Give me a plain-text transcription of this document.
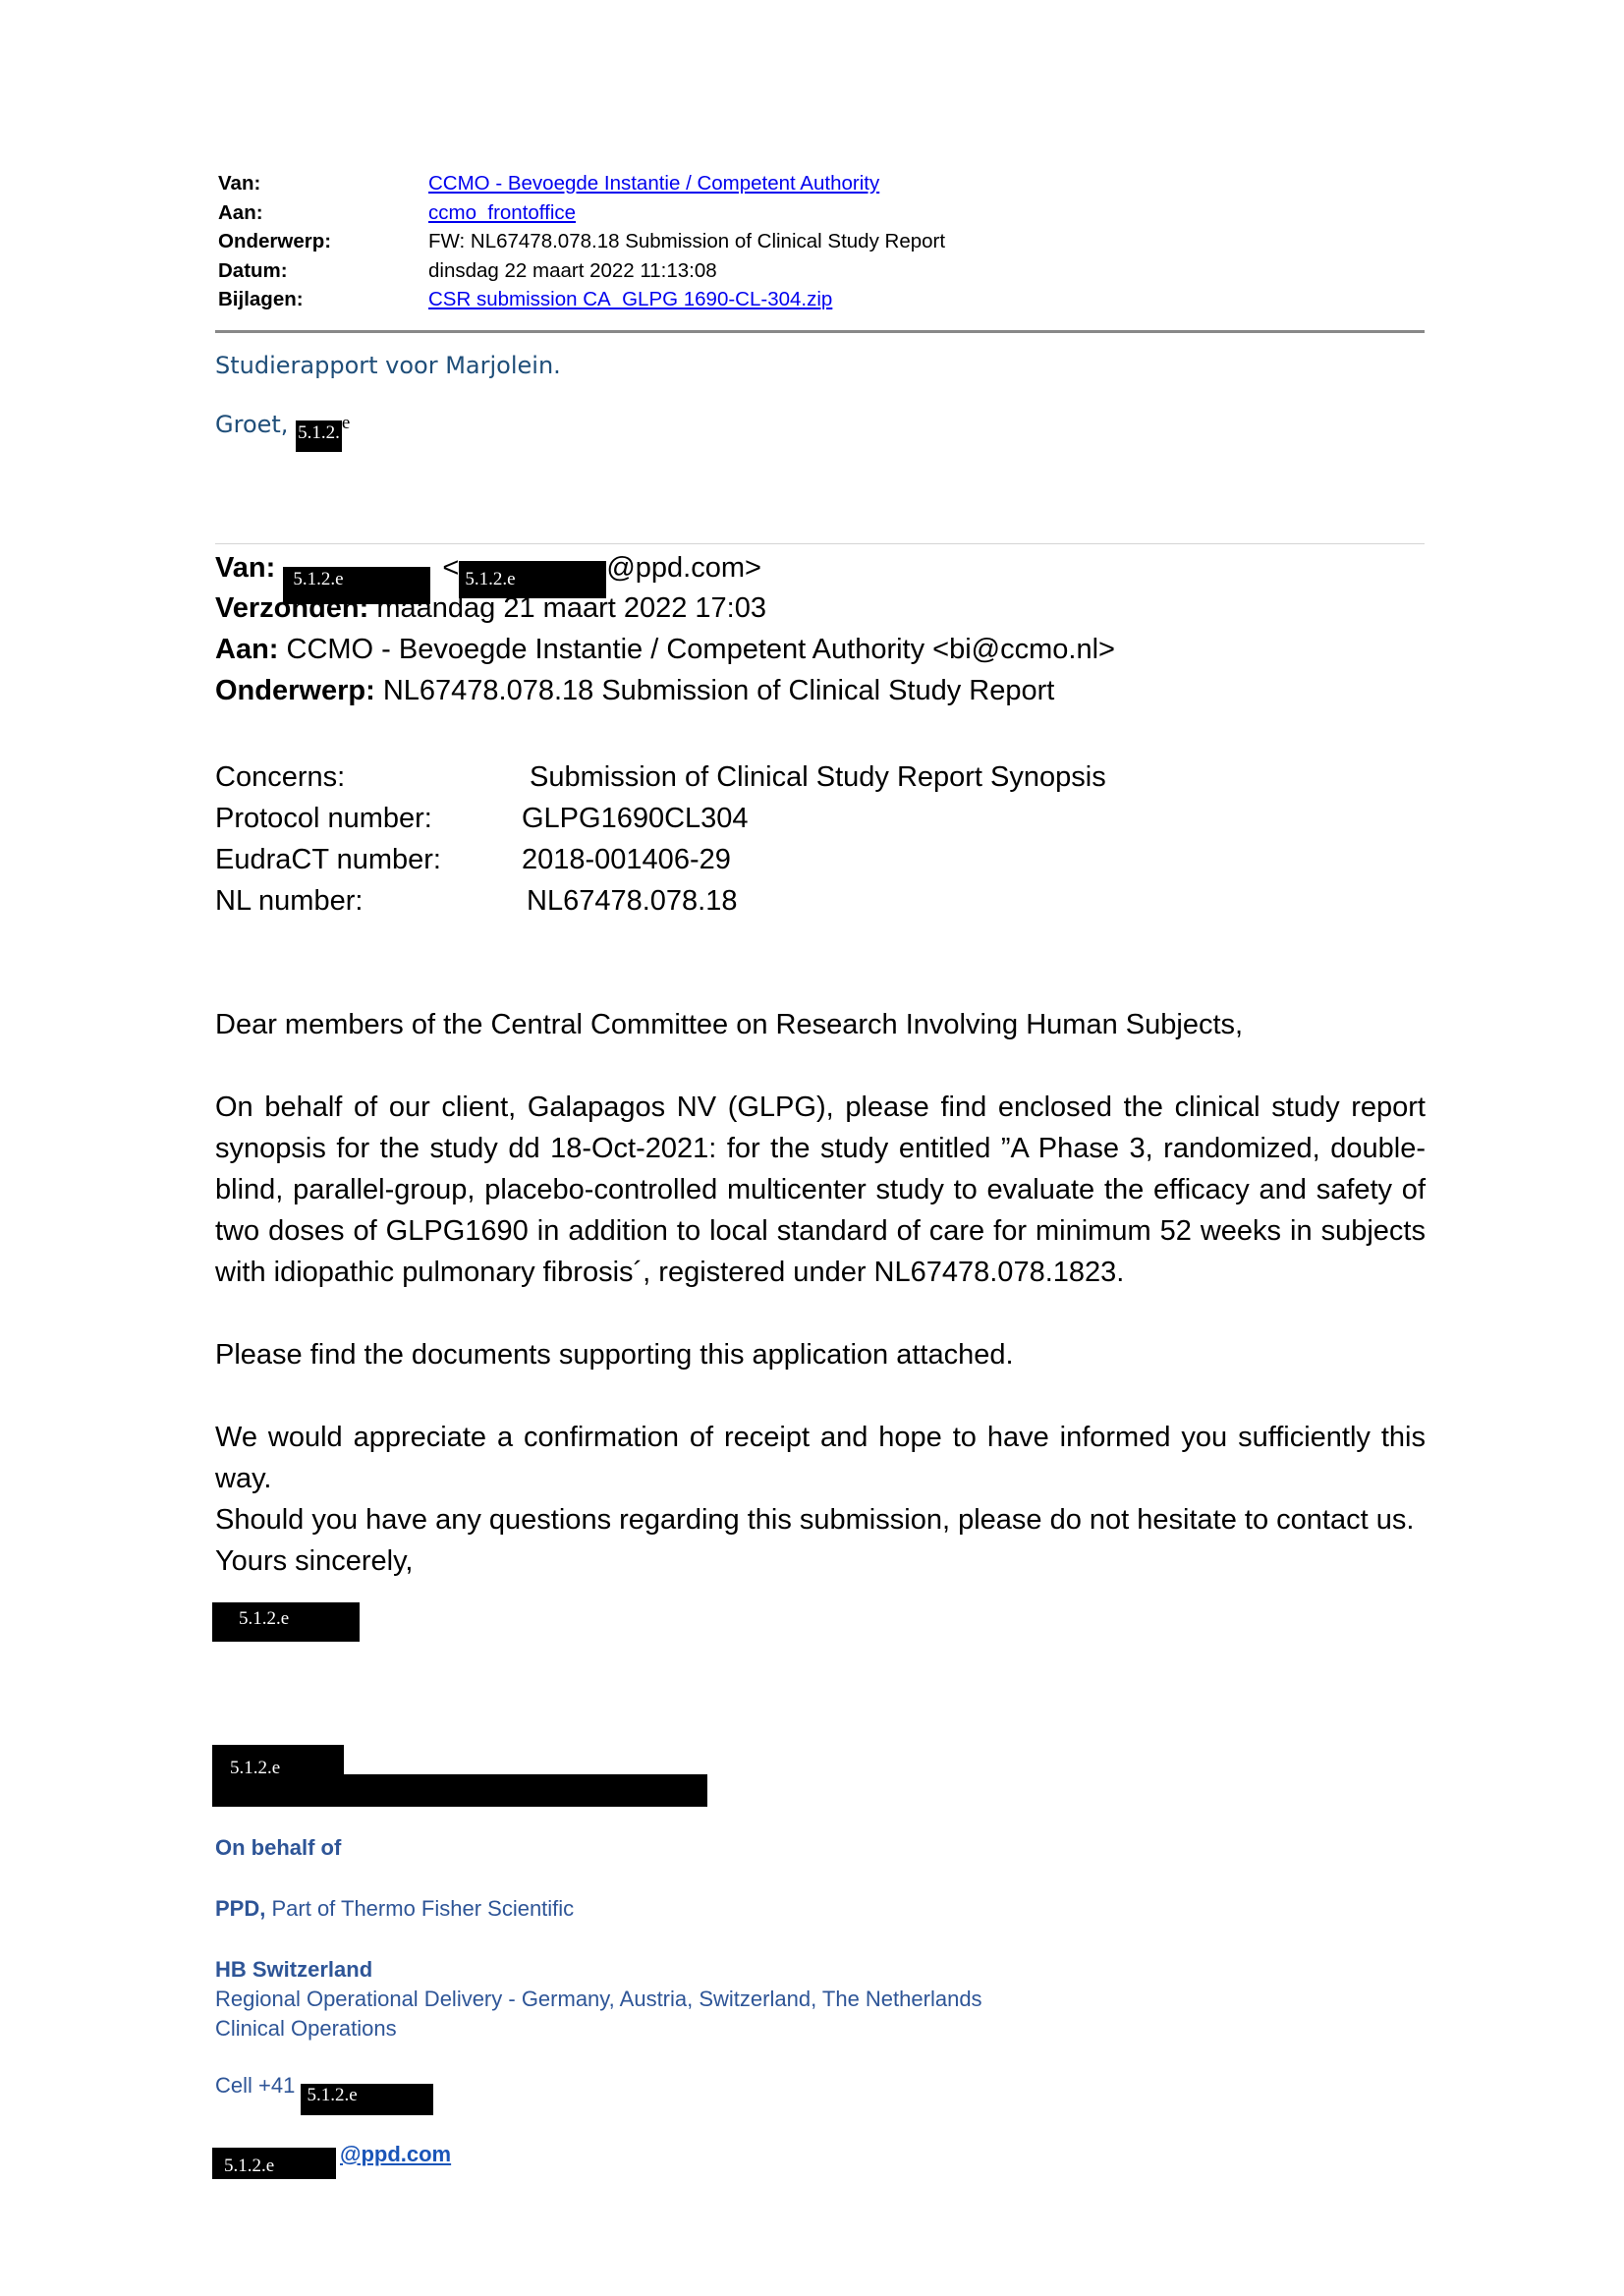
Van:	CCMO - Bevoegde Instantie / Competent Authority
Aan:	ccmo_frontoffice
Onderwerp:	FW: NL67478.078.18 Submission of Clinical Study Report
Datum:	dinsdag 22 maart 2022 11:13:08
Bijlagen:	CSR submission CA_GLPG 1690-CL-304.zip
Studierapport voor Marjolein.
Groet, 5.1.2. e
Van: 5.1.2.e	< 5.1.2.e	@ppd.com>
Verzonden: maandag 21 maart 2022 17:03
Aan: CCMO - Bevoegde Instantie / Competent Authority <bi@ccmo.nl>
Onderwerp: NL67478.078.18 Submission of Clinical Study Report
Concerns:	Submission of Clinical Study Report Synopsis
Protocol number:	GLPG1690CL304
EudraCT number:	2018-001406-29
NL number:	NL67478.078.18
Dear members of the Central Committee on Research Involving Human Subjects,
On behalf of our client, Galapagos NV (GLPG), please find enclosed the clinical study report synopsis for the study dd 18-Oct-2021: for the study entitled ”A Phase 3, randomized, double-blind, parallel-group, placebo-controlled multicenter study to evaluate the efficacy and safety of two doses of GLPG1690 in addition to local standard of care for minimum 52 weeks in subjects with idiopathic pulmonary fibrosis´, registered under NL67478.078.1823.
Please find the documents supporting this application attached.
We would appreciate a confirmation of receipt and hope to have informed you sufficiently this way.
Should you have any questions regarding this submission, please do not hesitate to contact us.
Yours sincerely,
5.1.2.e
5.1.2.e
On behalf of
PPD, Part of Thermo Fisher Scientific
HB Switzerland
Regional Operational Delivery - Germany, Austria, Switzerland, The Netherlands
Clinical Operations
Cell +41 5.1.2.e
5.1.2.e	@ppd.com
